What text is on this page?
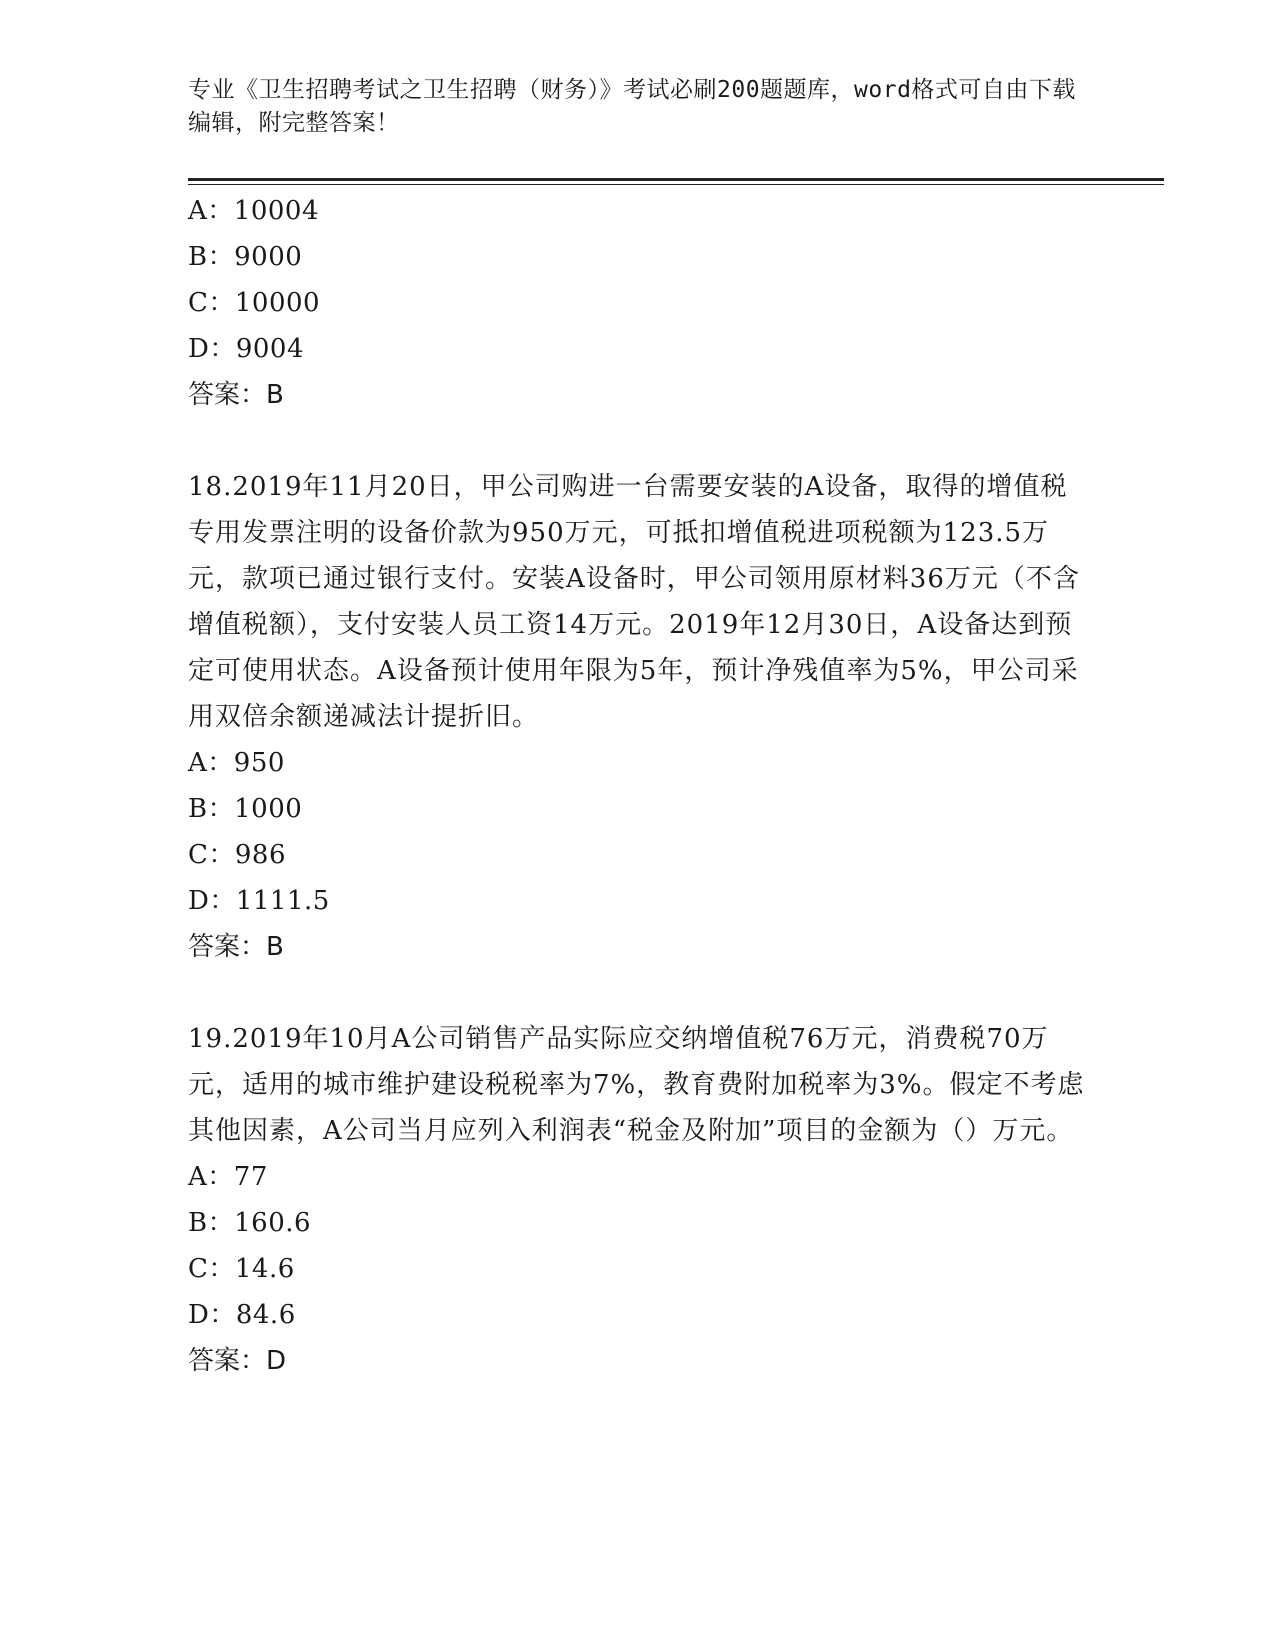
专业《卫生招聘考试之卫生招聘（财务）》考试必刷200题题库，word格式可自由下载编辑，附完整答案！
A：10004
B：9000
C：10000
D：9004
答案：B
18.2019年11月20日，甲公司购进一台需要安装的A设备，取得的增值税专用发票注明的设备价款为950万元，可抵扣增值税进项税额为123.5万元，款项已通过银行支付。安装A设备时，甲公司领用原材料36万元（不含增值税额），支付安装人员工资14万元。2019年12月30日，A设备达到预定可使用状态。A设备预计使用年限为5年，预计净残值率为5%，甲公司采用双倍余额递减法计提折旧。
A：950
B：1000
C：986
D：1111.5
答案：B
19.2019年10月A公司销售产品实际应交纳增值税76万元，消费税70万元，适用的城市维护建设税税率为7%，教育费附加税率为3%。假定不考虑其他因素，A公司当月应列入利润表“税金及附加”项目的金额为（）万元。
A：77
B：160.6
C：14.6
D：84.6
答案：D
